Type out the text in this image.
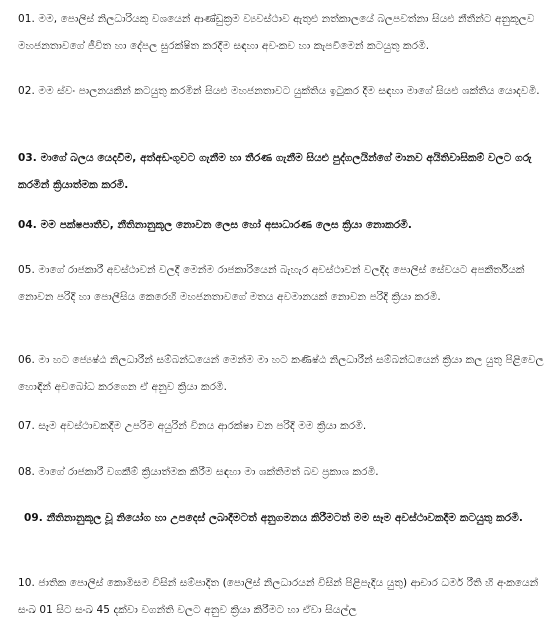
01. මම, පොලිස් නිලධාරියකු වශයෙන් ආණ්ඩුක්‍රම ව්‍යවස්ථාව ඇතුළු නත්කාලයේ බලපවත්නා සියළු නීතීන්ට අනුකූලව මහජනතාවගේ ජීවිත හා දේපල සුරක්ෂිත කරදීම සඳහා අවංකව හා කැපවීමෙන් කටයුතු කරමි.
02. මම ස්වං පාලනයකින් කටයුතු කරමින් සියළු මහජනතාවට යුක්තිය ඉටුකර දීම සඳහා මාගේ සියළු ශක්තිය යොදවමි.
03. මාගේ බලය යෙදවීම, අත්අඩංගුවට ගැනීම හා තීරණ ගැනීම සියළු පුද්ගලයින්ගේ මානව අයිතිවාසිකම් වලට ගරු කරමින් ක්‍රියාත්මක කරමි.
04. මම පක්ෂපාතීව, නීතිනානුකූල නොවන ලෙස හෝ අසාධාරණ ලෙස ක්‍රියා නොකරමි.
05. මාගේ රාජකාරී අවස්ථාවන් වලදී මෙන්ම රාජකාරියෙන් බැහැර අවස්ථාවන් වලදීද පොලිස් සේවයට අපකීර්තියක් නොවන පරිදි හා පොලීසිය කෙරෙහි මහජනතාවගේ මතය අවමානයක් නොවන පරිදි ක්‍රියා කරමි.
06. මා හට ජ්‍යෙෂ්ඨ නිලධාරීන් සම්බන්ධයෙන් මෙන්ම මා හට කණිෂ්ඨ නිලධාරීන් සම්බන්ධයෙන් ක්‍රියා කල යුතු පිළිවෙල හොඳින් අවබෝධ කරගෙන ඒ අනුව ක්‍රියා කරමි.
07. සෑම අවස්ථාවකදීම උපරිම අයුරින් විනය ආරක්ෂා වන පරිදි මම ක්‍රියා කරමි.
08. මාගේ රාජකාරී වගකීම් ක්‍රියාත්මක කිරීම සඳහා මා ශක්තිමත් බව ප්‍රකාශ කරමි.
09. නීතිනානුකූල වූ නියෝග හා උපදෙස් ලබාදීමටත් අනුගමනය කිරීමටත් මම සෑම අවස්ථාවකදීම කටයුතු කරමි.
10. ජාතික පොලිස් කොමිසම විසින් සම්පාදිත (පොලිස් නිලධාරයන් විසින් පිළිපැදිය යුතු) ආචාර ධර්ම රීති හි අංකයෙන් සංඛ 01 සිට සංඛ 45 දක්වා වගන්ති වලට අනුව ක්‍රියා කිරීමට හා ඒවා සියල්ල
